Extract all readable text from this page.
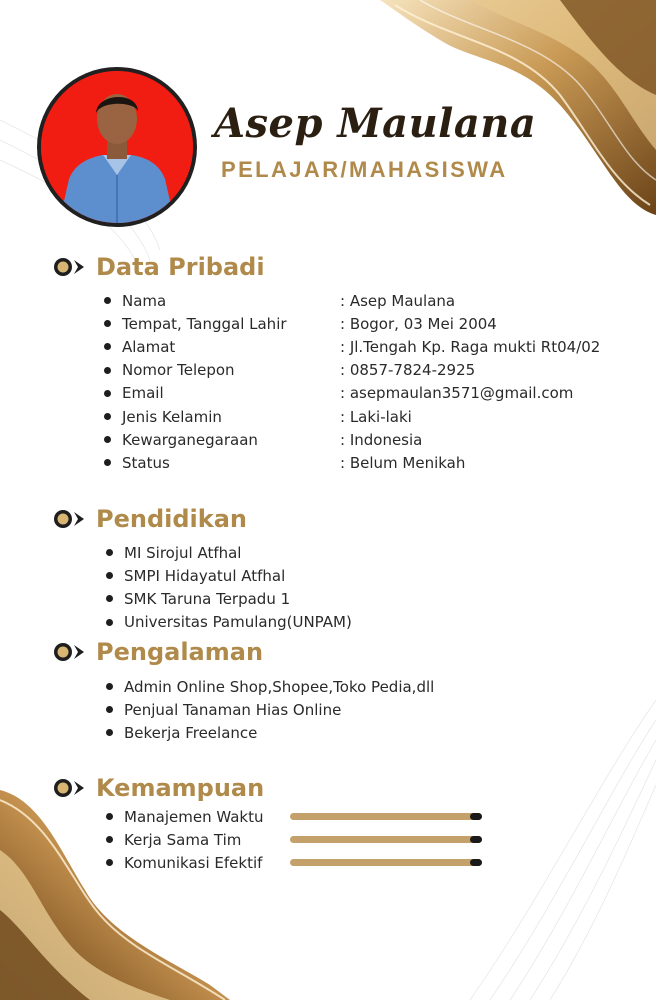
Asep Maulana
PELAJAR/MAHASISWA
Data Pribadi
Nama	: Asep Maulana
Tempat, Tanggal Lahir	: Bogor, 03 Mei 2004
Alamat	: Jl.Tengah Kp. Raga mukti Rt04/02
Nomor Telepon	: 0857-7824-2925
Email	: asepmaulan3571@gmail.com
Jenis Kelamin	: Laki-laki
Kewarganegaraan	: Indonesia
Status	: Belum Menikah
Pendidikan
MI Sirojul Atfhal
SMPI Hidayatul Atfhal
SMK Taruna Terpadu 1
Universitas Pamulang(UNPAM)
Pengalaman
Admin Online Shop,Shopee,Toko Pedia,dll
Penjual Tanaman Hias Online
Bekerja Freelance
Kemampuan
Manajemen Waktu
Kerja Sama Tim
Komunikasi Efektif
